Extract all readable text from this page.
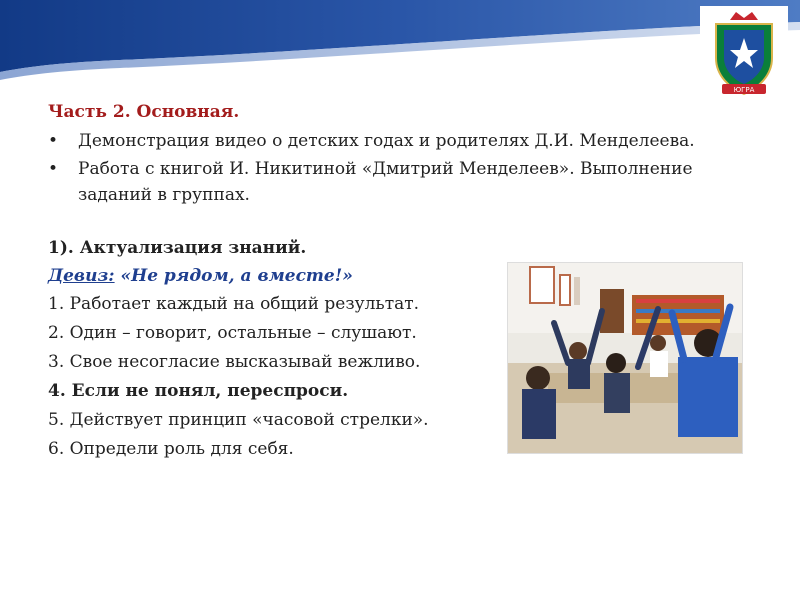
ЮГРА
Часть 2. Основная.
• Демонстрация видео о детских годах и родителях Д.И. Менделеева.
• Работа с книгой И. Никитиной «Дмитрий Менделеев». Выполнение заданий в группах.
1). Актуализация знаний.
Девиз: «Не рядом, а вместе!»
1. Работает каждый на общий результат.
2. Один – говорит, остальные – слушают.
3. Свое несогласие высказывай вежливо.
4. Если не понял, переспроси.
5. Действует принцип «часовой стрелки».
6. Определи роль для себя.
